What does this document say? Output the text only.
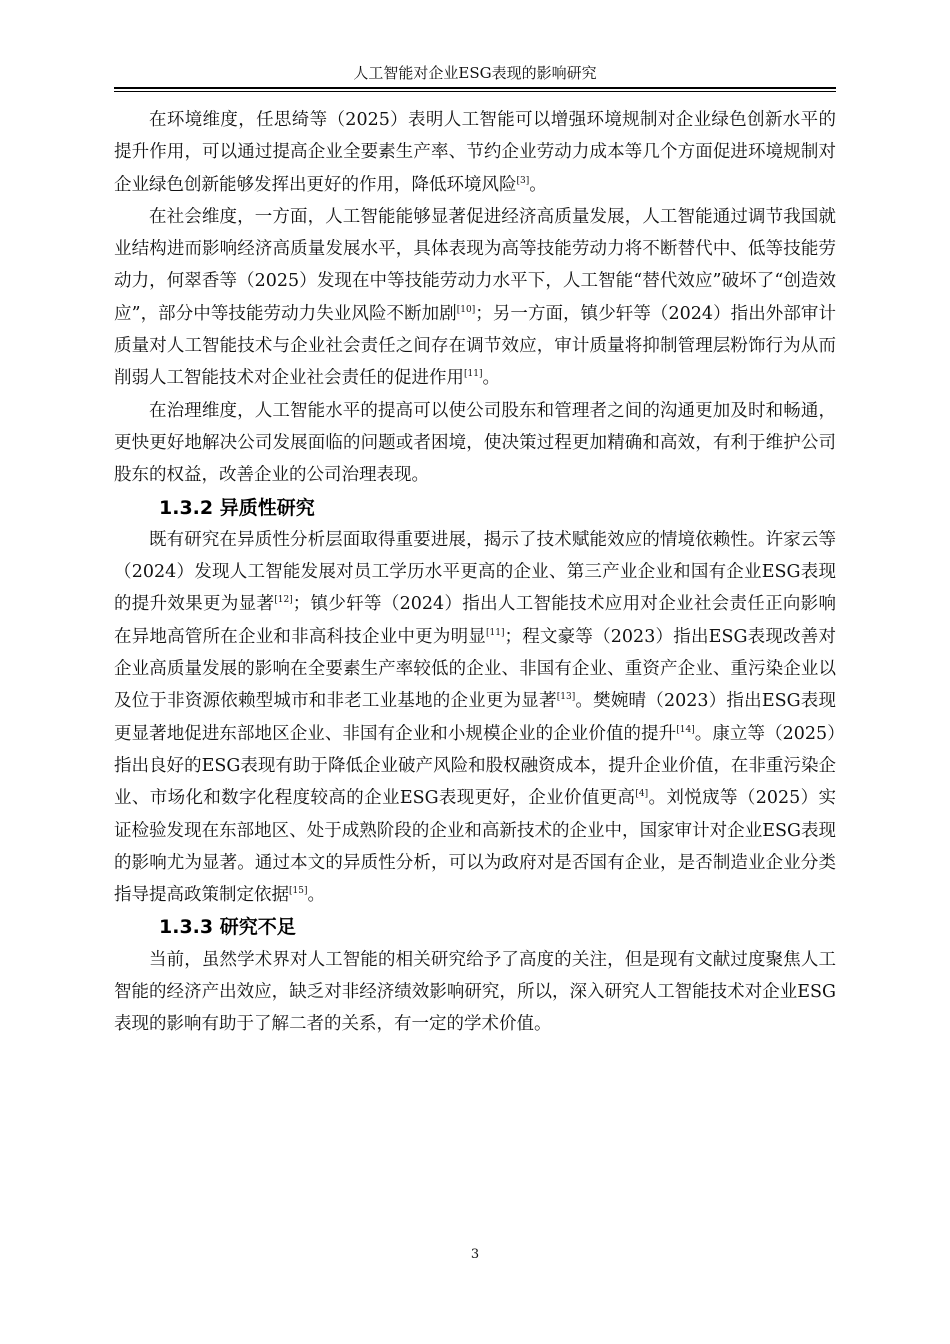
人工智能对企业ESG表现的影响研究

在环境维度，任思绮等（2025）表明人工智能可以增强环境规制对企业绿色创新水平的提升作用，可以通过提高企业全要素生产率、节约企业劳动力成本等几个方面促进环境规制对企业绿色创新能够发挥出更好的作用，降低环境风险[3]。

在社会维度，一方面，人工智能能够显著促进经济高质量发展，人工智能通过调节我国就业结构进而影响经济高质量发展水平，具体表现为高等技能劳动力将不断替代中、低等技能劳动力，何翠香等（2025）发现在中等技能劳动力水平下，人工智能“替代效应”破坏了“创造效应”，部分中等技能劳动力失业风险不断加剧[10]；另一方面，镇少轩等（2024）指出外部审计质量对人工智能技术与企业社会责任之间存在调节效应，审计质量将抑制管理层粉饰行为从而削弱人工智能技术对企业社会责任的促进作用[11]。

在治理维度，人工智能水平的提高可以使公司股东和管理者之间的沟通更加及时和畅通，更快更好地解决公司发展面临的问题或者困境，使决策过程更加精确和高效，有利于维护公司股东的权益，改善企业的公司治理表现。

1.3.2 异质性研究

既有研究在异质性分析层面取得重要进展，揭示了技术赋能效应的情境依赖性。许家云等（2024）发现人工智能发展对员工学历水平更高的企业、第三产业企业和国有企业ESG表现的提升效果更为显著[12]；镇少轩等（2024）指出人工智能技术应用对企业社会责任正向影响在异地高管所在企业和非高科技企业中更为明显[11]；程文豪等（2023）指出ESG表现改善对企业高质量发展的影响在全要素生产率较低的企业、非国有企业、重资产企业、重污染企业以及位于非资源依赖型城市和非老工业基地的企业更为显著[13]。樊婉晴（2023）指出ESG表现更显著地促进东部地区企业、非国有企业和小规模企业的企业价值的提升[14]。康立等（2025）指出良好的ESG表现有助于降低企业破产风险和股权融资成本，提升企业价值，在非重污染企业、市场化和数字化程度较高的企业ESG表现更好，企业价值更高[4]。刘悦宬等（2025）实证检验发现在东部地区、处于成熟阶段的企业和高新技术的企业中，国家审计对企业ESG表现的影响尤为显著。通过本文的异质性分析，可以为政府对是否国有企业，是否制造业企业分类指导提高政策制定依据[15]。

1.3.3 研究不足

当前，虽然学术界对人工智能的相关研究给予了高度的关注，但是现有文献过度聚焦人工智能的经济产出效应，缺乏对非经济绩效影响研究，所以，深入研究人工智能技术对企业ESG表现的影响有助于了解二者的关系，有一定的学术价值。

3
